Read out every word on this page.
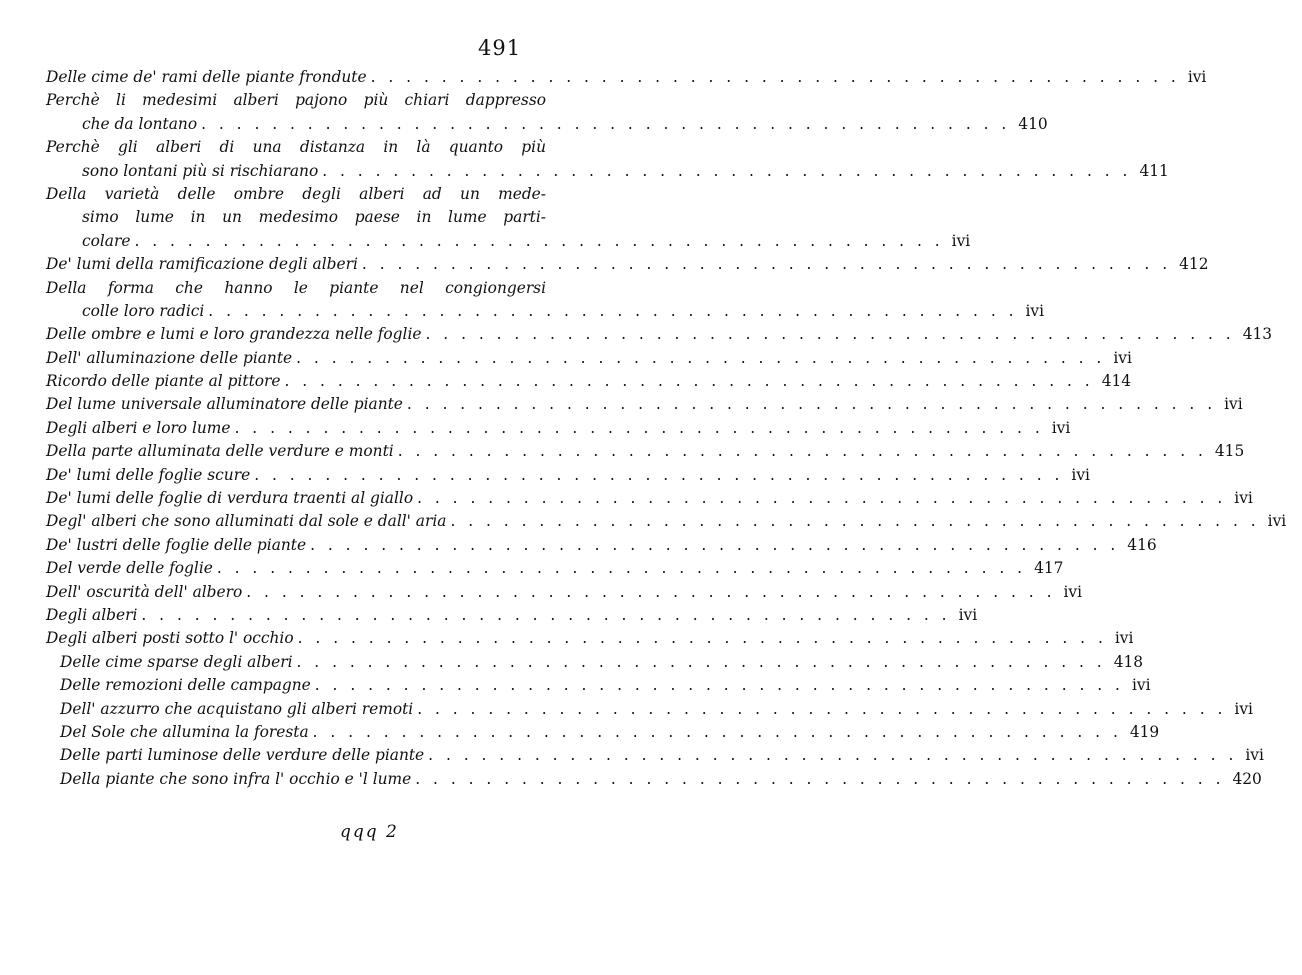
491
Delle cime de' rami delle piante frondute . . .	ivi
Perchè li medesimi alberi pajono più chiari dappresso
che da lontano . . .	410
Perchè gli alberi di una distanza in là quanto più
sono lontani più si rischiarano . . .	411
Della varietà delle ombre degli alberi ad un mede-
simo lume in un medesimo paese in lume parti-
colare . . .	ivi
De' lumi della ramificazione degli alberi . . .	412
Della forma che hanno le piante nel congiongersi
colle loro radici . . .	ivi
Delle ombre e lumi e loro grandezza nelle foglie . . .	413
Dell' alluminazione delle piante . . .	ivi
Ricordo delle piante al pittore . . .	414
Del lume universale alluminatore delle piante . . .	ivi
Degli alberi e loro lume . . .	ivi
Della parte alluminata delle verdure e monti . . .	415
De' lumi delle foglie scure . . .	ivi
De' lumi delle foglie di verdura traenti al giallo . . .	ivi
Degl' alberi che sono alluminati dal sole e dall' aria . . .	ivi
De' lustri delle foglie delle piante . . .	416
Del verde delle foglie . . .	417
Dell' oscurità dell' albero . . .	ivi
Degli alberi . . .	ivi
Degli alberi posti sotto l' occhio . . .	ivi
Delle cime sparse degli alberi . . .	418
Delle remozioni delle campagne . . .	ivi
Dell' azzurro che acquistano gli alberi remoti . . .	ivi
Del Sole che allumina la foresta . . .	419
Delle parti luminose delle verdure delle piante . . .	ivi
Della piante che sono infra l' occhio e 'l lume . . .	420
qqq 2
